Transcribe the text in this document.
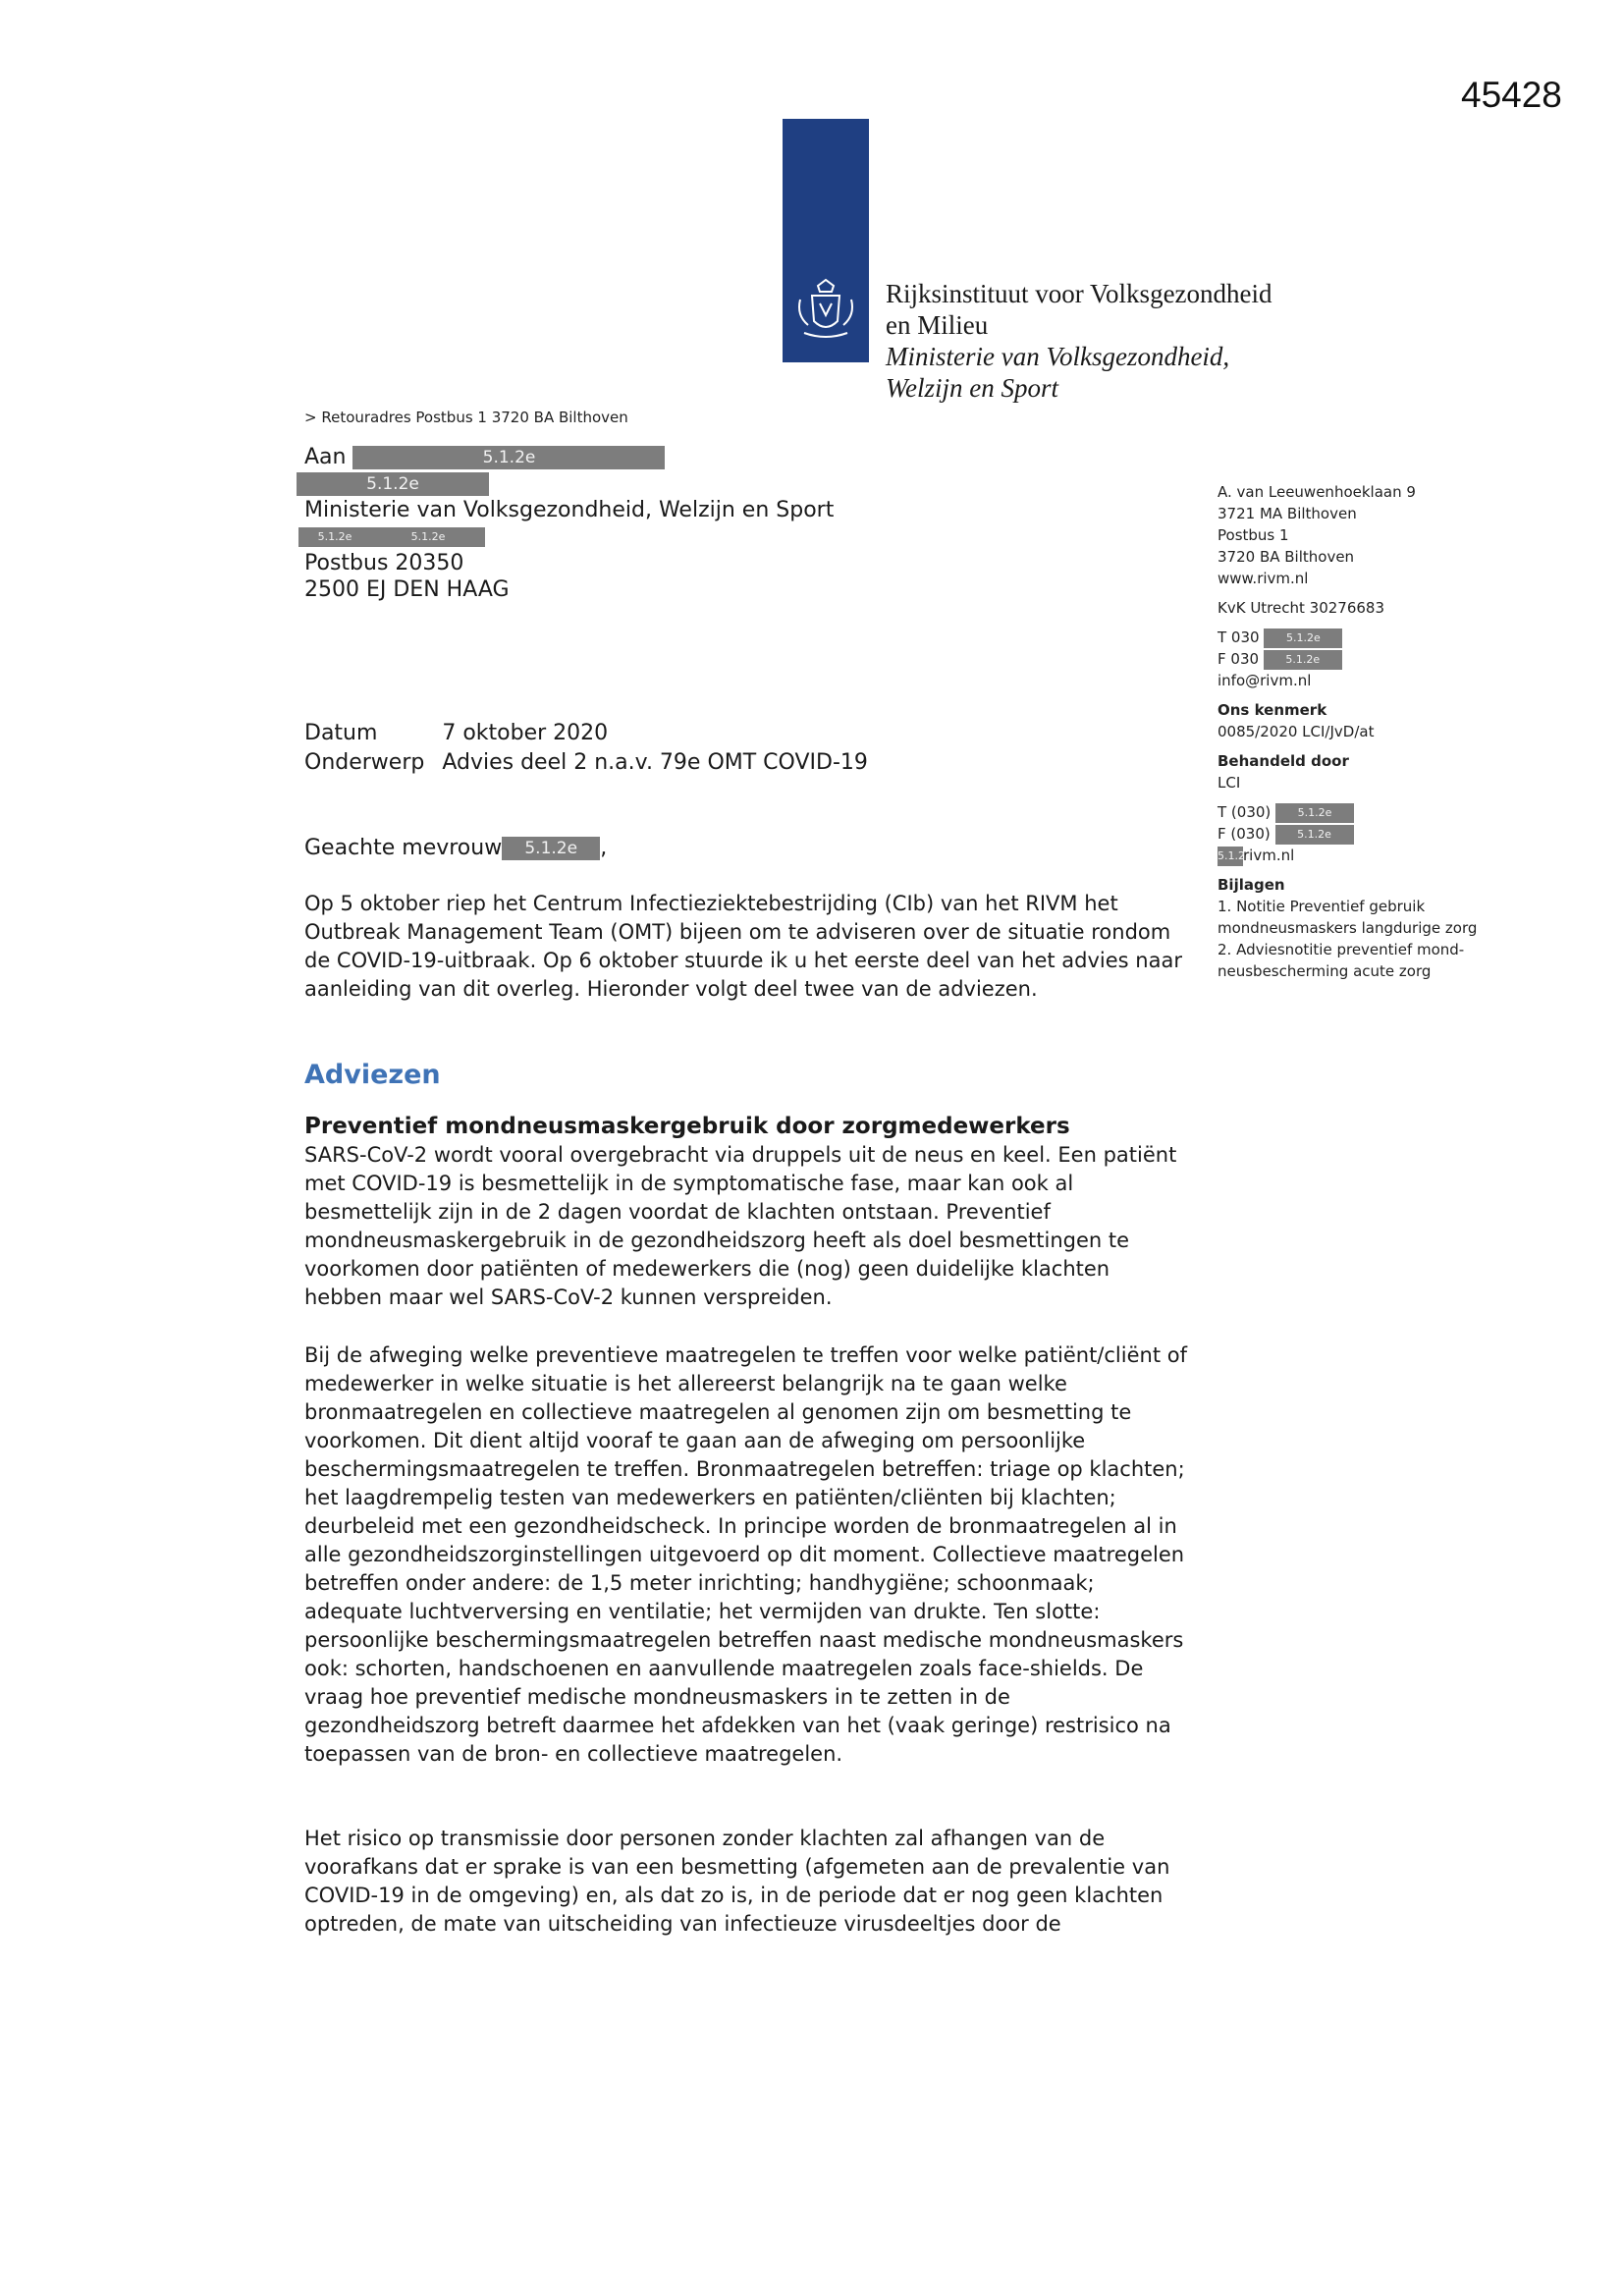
45428
Rijksinstituut voor Volksgezondheid
en Milieu
Ministerie van Volksgezondheid,
Welzijn en Sport
> Retouradres Postbus 1 3720 BA Bilthoven
Aan	5.1.2e
5.1.2e
Ministerie van Volksgezondheid, Welzijn en Sport
5.1.2e	5.1.2e
Postbus 20350
2500 EJ DEN HAAG
A. van Leeuwenhoeklaan 9
3721 MA Bilthoven
Postbus 1
3720 BA Bilthoven
www.rivm.nl
KvK Utrecht 30276683
T 030 5.1.2e
F 030 5.1.2e
info@rivm.nl
Ons kenmerk
0085/2020 LCI/JvD/at
Behandeld door
LCI
T (030) 5.1.2e
F (030) 5.1.2e
5.1.2erivm.nl
Bijlagen
1. Notitie Preventief gebruik mondneusmaskers langdurige zorg
2. Adviesnotitie preventief mond-neusbescherming acute zorg
Datum	7 oktober 2020
Onderwerp	Advies deel 2 n.a.v. 79e OMT COVID-19
Geachte mevrouw 5.1.2e ,

Op 5 oktober riep het Centrum Infectieziektebestrijding (CIb) van het RIVM het Outbreak Management Team (OMT) bijeen om te adviseren over de situatie rondom de COVID-19-uitbraak. Op 6 oktober stuurde ik u het eerste deel van het advies naar aanleiding van dit overleg. Hieronder volgt deel twee van de adviezen.

Adviezen
Preventief mondneusmaskergebruik door zorgmedewerkers

SARS-CoV-2 wordt vooral overgebracht via druppels uit de neus en keel. Een patiënt met COVID-19 is besmettelijk in de symptomatische fase, maar kan ook al besmettelijk zijn in de 2 dagen voordat de klachten ontstaan. Preventief mondneusmaskergebruik in de gezondheidszorg heeft als doel besmettingen te voorkomen door patiënten of medewerkers die (nog) geen duidelijke klachten hebben maar wel SARS-CoV-2 kunnen verspreiden.

Bij de afweging welke preventieve maatregelen te treffen voor welke patiënt/cliënt of medewerker in welke situatie is het allereerst belangrijk na te gaan welke bronmaatregelen en collectieve maatregelen al genomen zijn om besmetting te voorkomen. Dit dient altijd vooraf te gaan aan de afweging om persoonlijke beschermingsmaatregelen te treffen. Bronmaatregelen betreffen: triage op klachten; het laagdrempelig testen van medewerkers en patiënten/cliënten bij klachten; deurbeleid met een gezondheidscheck. In principe worden de bronmaatregelen al in alle gezondheidszorginstellingen uitgevoerd op dit moment. Collectieve maatregelen betreffen onder andere: de 1,5 meter inrichting; handhygiëne; schoonmaak; adequate luchtverversing en ventilatie; het vermijden van drukte. Ten slotte: persoonlijke beschermingsmaatregelen betreffen naast medische mondneusmaskers ook: schorten, handschoenen en aanvullende maatregelen zoals face-shields. De vraag hoe preventief medische mondneusmaskers in te zetten in de gezondheidszorg betreft daarmee het afdekken van het (vaak geringe) restrisico na toepassen van de bron- en collectieve maatregelen.

Het risico op transmissie door personen zonder klachten zal afhangen van de voorafkans dat er sprake is van een besmetting (afgemeten aan de prevalentie van COVID-19 in de omgeving) en, als dat zo is, in de periode dat er nog geen klachten optreden, de mate van uitscheiding van infectieuze virusdeeltjes door de
